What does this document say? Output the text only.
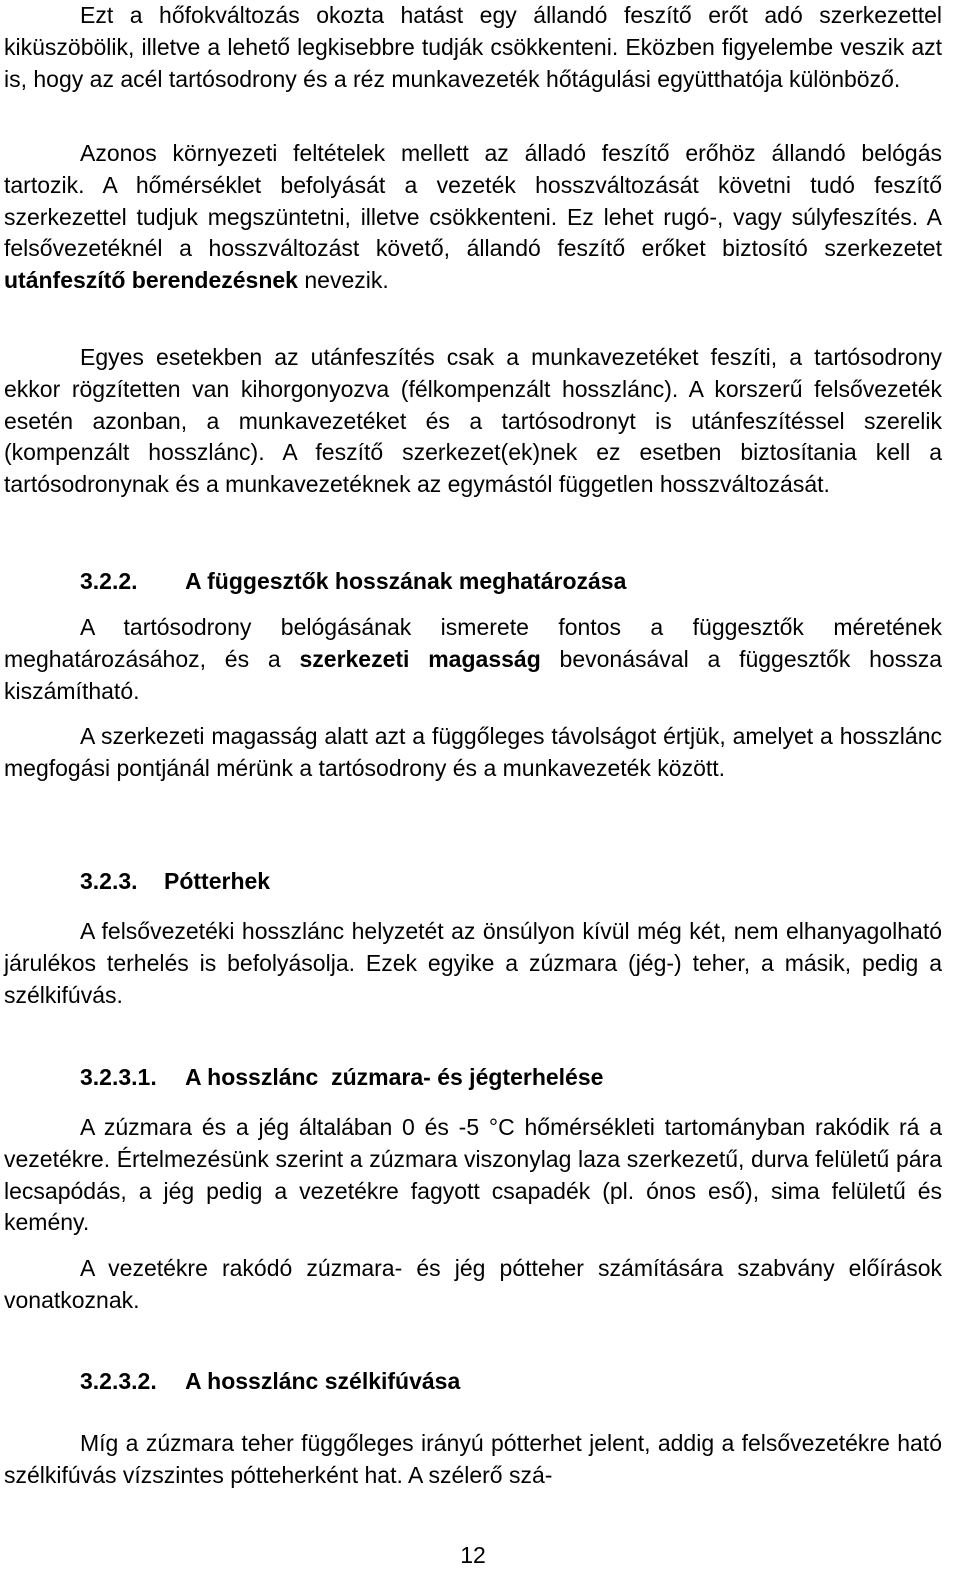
Ezt a hőfokváltozás okozta hatást egy állandó feszítő erőt adó szerkezettel kiküszöbölik, illetve a lehető legkisebbre tudják csökkenteni. Eközben figyelembe veszik azt is, hogy az acél tartósodrony és a réz munkavezeték hőtágulási együtthatója különböző.

Azonos környezeti feltételek mellett az álladó feszítő erőhöz állandó belógás tartozik. A hőmérséklet befolyását a vezeték hosszváltozását követni tudó feszítő szerkezettel tudjuk megszüntetni, illetve csökkenteni. Ez lehet rugó-, vagy súlyfeszítés. A felsővezetéknél a hosszváltozást követő, állandó feszítő erőket biztosító szerkezetet utánfeszítő berendezésnek nevezik.

Egyes esetekben az utánfeszítés csak a munkavezetéket feszíti, a tartósodrony ekkor rögzítetten van kihorgonyozva (félkompenzált hosszlánc). A korszerű felsővezeték esetén azonban, a munkavezetéket és a tartósodronyt is utánfeszítéssel szerelik (kompenzált hosszlánc). A feszítő szerkezet(ek)nek ez esetben biztosítania kell a tartósodronynak és a munkavezetéknek az egymástól független hosszváltozását.

3.2.2. A függesztők hosszának meghatározása

A tartósodrony belógásának ismerete fontos a függesztők méretének meghatározásához, és a szerkezeti magasság bevonásával a függesztők hossza kiszámítható.

A szerkezeti magasság alatt azt a függőleges távolságot értjük, amelyet a hosszlánc megfogási pontjánál mérünk a tartósodrony és a munkavezeték között.

3.2.3. Pótterhek

A felsővezetéki hosszlánc helyzetét az önsúlyon kívül még két, nem elhanyagolható járulékos terhelés is befolyásolja. Ezek egyike a zúzmara (jég-) teher, a másik, pedig a szélkifúvás.

3.2.3.1. A hosszlánc  zúzmara- és jégterhelése

A zúzmara és a jég általában 0 és -5 °C hőmérsékleti tartományban rakódik rá a vezetékre. Értelmezésünk szerint a zúzmara viszonylag laza szerkezetű, durva felületű pára lecsapódás, a jég pedig a vezetékre fagyott csapadék (pl. ónos eső), sima felületű és kemény.

A vezetékre rakódó zúzmara- és jég pótteher számítására szabvány előírások vonatkoznak.

3.2.3.2. A hosszlánc szélkifúvása

Míg a zúzmara teher függőleges irányú pótterhet jelent, addig a felsővezetékre ható szélkifúvás vízszintes pótteherként hat. A szélerő szá-

12
